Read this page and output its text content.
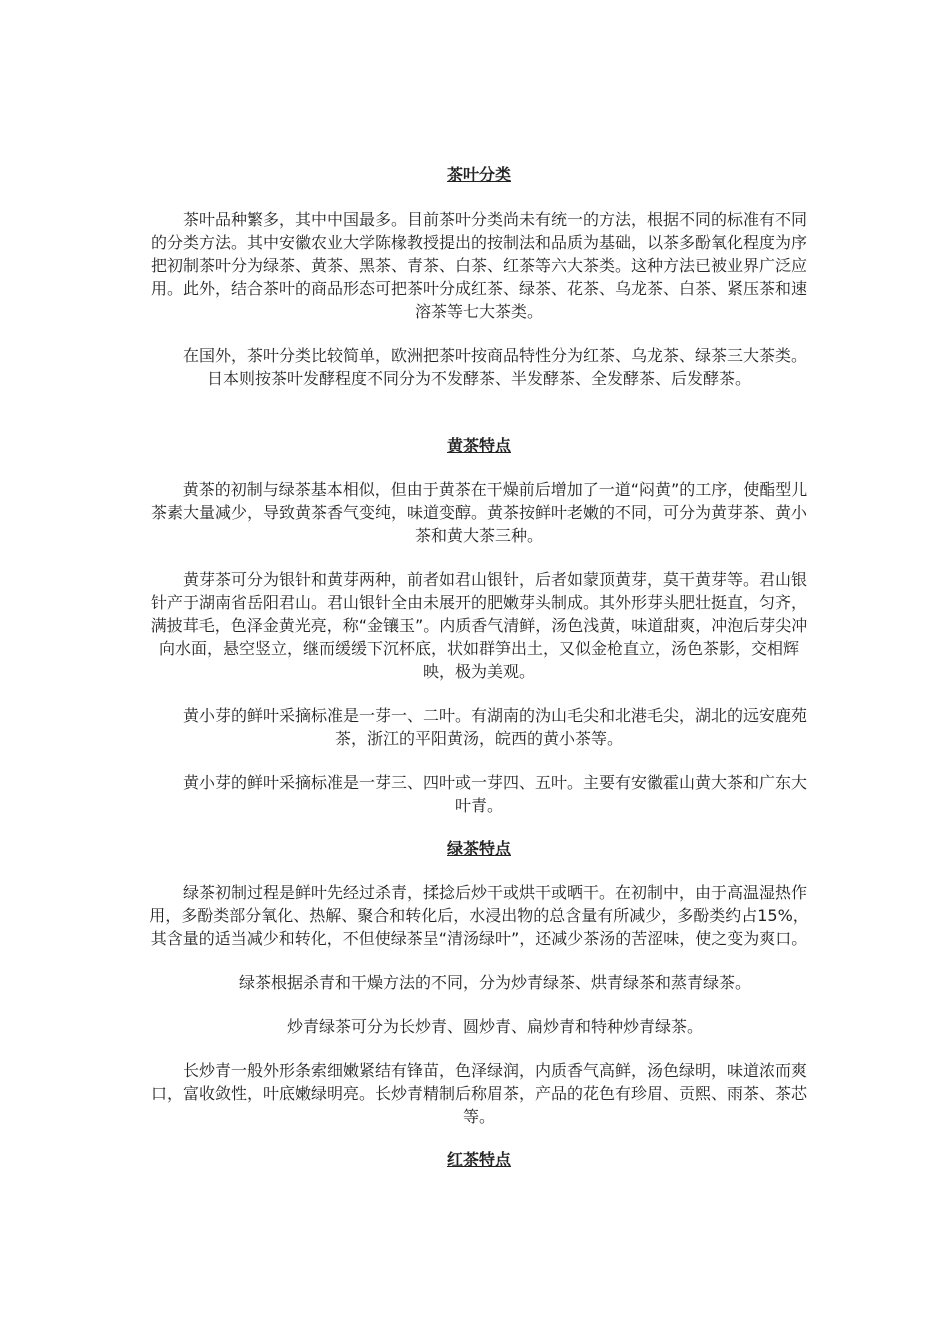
茶叶分类

茶叶品种繁多，其中中国最多。目前茶叶分类尚未有统一的方法，根据不同的标准有不同的分类方法。其中安徽农业大学陈椽教授提出的按制法和品质为基础，以茶多酚氧化程度为序把初制茶叶分为绿茶、黄茶、黑茶、青茶、白茶、红茶等六大茶类。这种方法已被业界广泛应用。此外，结合茶叶的商品形态可把茶叶分成红茶、绿茶、花茶、乌龙茶、白茶、紧压茶和速溶茶等七大茶类。

在国外，茶叶分类比较简单，欧洲把茶叶按商品特性分为红茶、乌龙茶、绿茶三大茶类。日本则按茶叶发酵程度不同分为不发酵茶、半发酵茶、全发酵茶、后发酵茶。

黄茶特点

黄茶的初制与绿茶基本相似，但由于黄茶在干燥前后增加了一道“闷黄”的工序，使酯型儿茶素大量减少，导致黄茶香气变纯，味道变醇。黄茶按鲜叶老嫩的不同，可分为黄芽茶、黄小茶和黄大茶三种。

黄芽茶可分为银针和黄芽两种，前者如君山银针，后者如蒙顶黄芽，莫干黄芽等。君山银针产于湖南省岳阳君山。君山银针全由未展开的肥嫩芽头制成。其外形芽头肥壮挺直，匀齐，满披茸毛，色泽金黄光亮，称“金镶玉”。内质香气清鲜，汤色浅黄，味道甜爽，冲泡后芽尖冲向水面，悬空竖立，继而缓缓下沉杯底，状如群笋出土，又似金枪直立，汤色茶影，交相辉映，极为美观。

黄小芽的鲜叶采摘标准是一芽一、二叶。有湖南的沩山毛尖和北港毛尖，湖北的远安鹿苑茶，浙江的平阳黄汤，皖西的黄小茶等。

黄小芽的鲜叶采摘标准是一芽三、四叶或一芽四、五叶。主要有安徽霍山黄大茶和广东大叶青。

绿茶特点

绿茶初制过程是鲜叶先经过杀青，揉捻后炒干或烘干或晒干。在初制中，由于高温湿热作用，多酚类部分氧化、热解、聚合和转化后，水浸出物的总含量有所减少，多酚类约占15%，其含量的适当减少和转化，不但使绿茶呈“清汤绿叶”，还减少茶汤的苦涩味，使之变为爽口。

绿茶根据杀青和干燥方法的不同，分为炒青绿茶、烘青绿茶和蒸青绿茶。

炒青绿茶可分为长炒青、圆炒青、扁炒青和特种炒青绿茶。

长炒青一般外形条索细嫩紧结有锋苗，色泽绿润，内质香气高鲜，汤色绿明，味道浓而爽口，富收敛性，叶底嫩绿明亮。长炒青精制后称眉茶，产品的花色有珍眉、贡熙、雨茶、茶芯等。

红茶特点
